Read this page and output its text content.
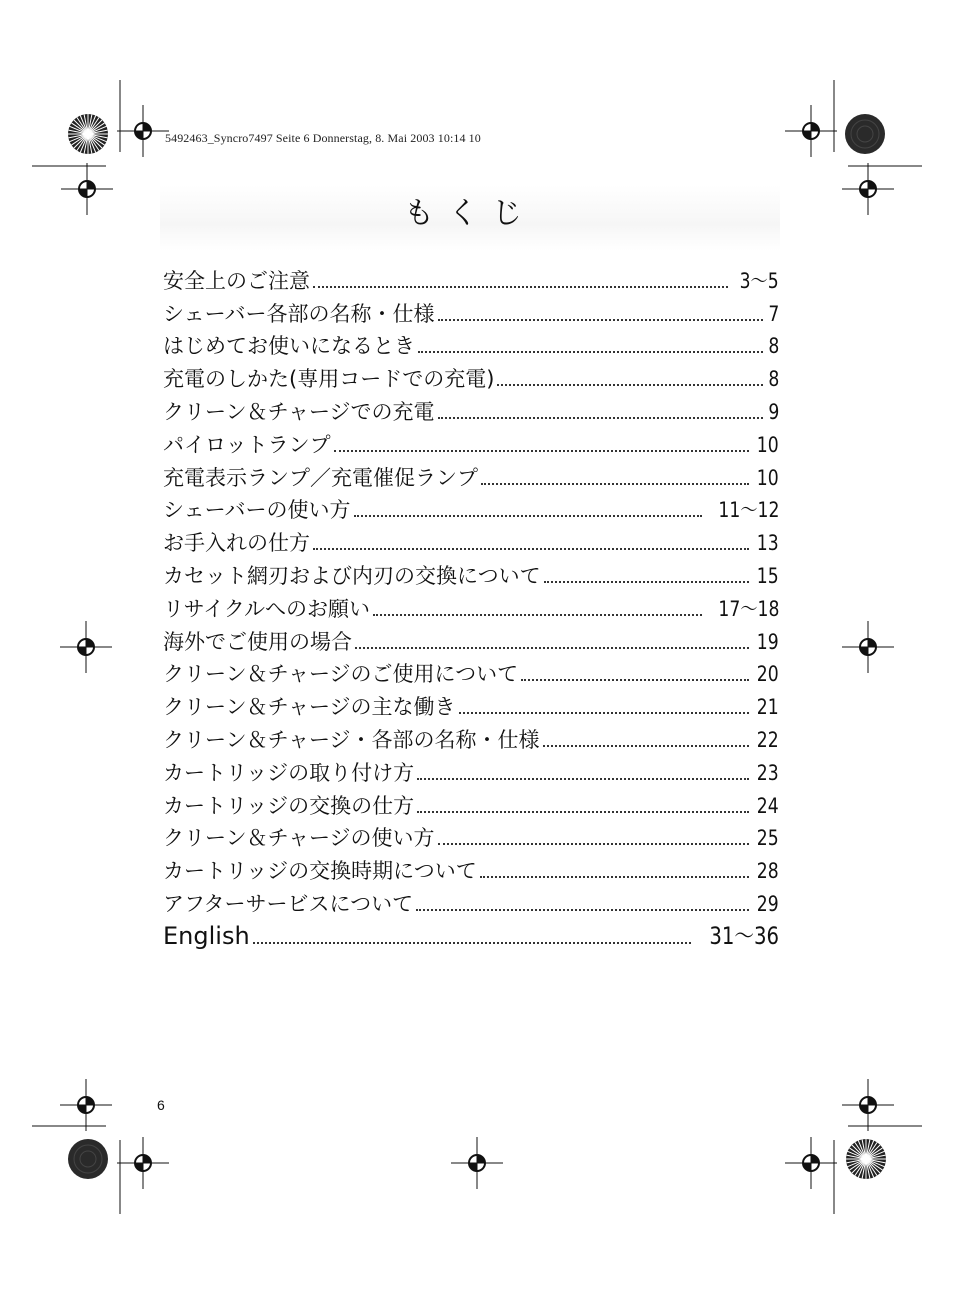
5492463_Syncro7497 Seite 6 Donnerstag, 8. Mai 2003 10:14 10
もくじ
安全上のご注意	3〜5
シェーバー各部の名称・仕様	7
はじめてお使いになるとき	8
充電のしかた(専用コードでの充電)	8
クリーン＆チャージでの充電	9
パイロットランプ	10
充電表示ランプ／充電催促ランプ	10
シェーバーの使い方	11〜12
お手入れの仕方	13
カセット網刃および内刃の交換について	15
リサイクルへのお願い	17〜18
海外でご使用の場合	19
クリーン＆チャージのご使用について	20
クリーン＆チャージの主な働き	21
クリーン＆チャージ・各部の名称・仕様	22
カートリッジの取り付け方	23
カートリッジの交換の仕方	24
クリーン＆チャージの使い方	25
カートリッジの交換時期について	28
アフターサービスについて	29
English	31〜36
6
